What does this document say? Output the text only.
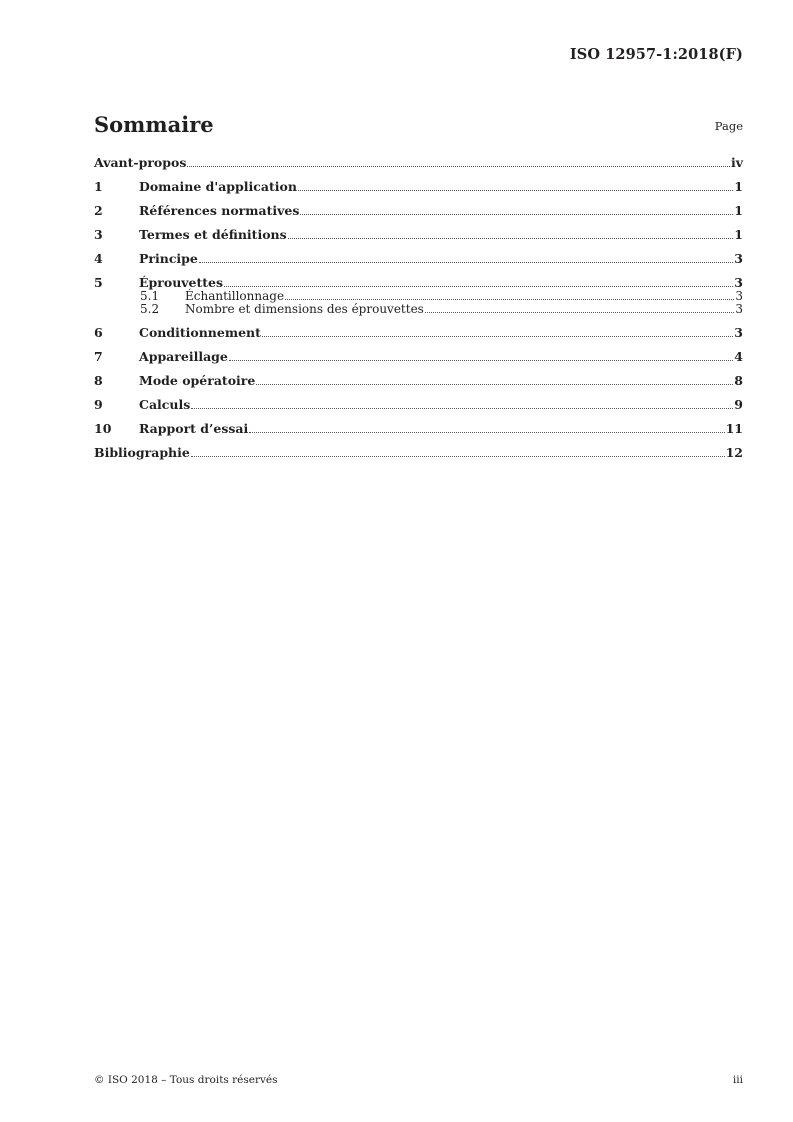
ISO 12957-1:2018(F)
Sommaire	Page
Avant-propos	iv
1	Domaine d'application	1
2	Références normatives	1
3	Termes et définitions	1
4	Principe	3
5	Éprouvettes	3
5.1	Échantillonnage	3
5.2	Nombre et dimensions des éprouvettes	3
6	Conditionnement	3
7	Appareillage	4
8	Mode opératoire	8
9	Calculs	9
10	Rapport d’essai	11
Bibliographie	12
© ISO 2018 – Tous droits réservés	iii
